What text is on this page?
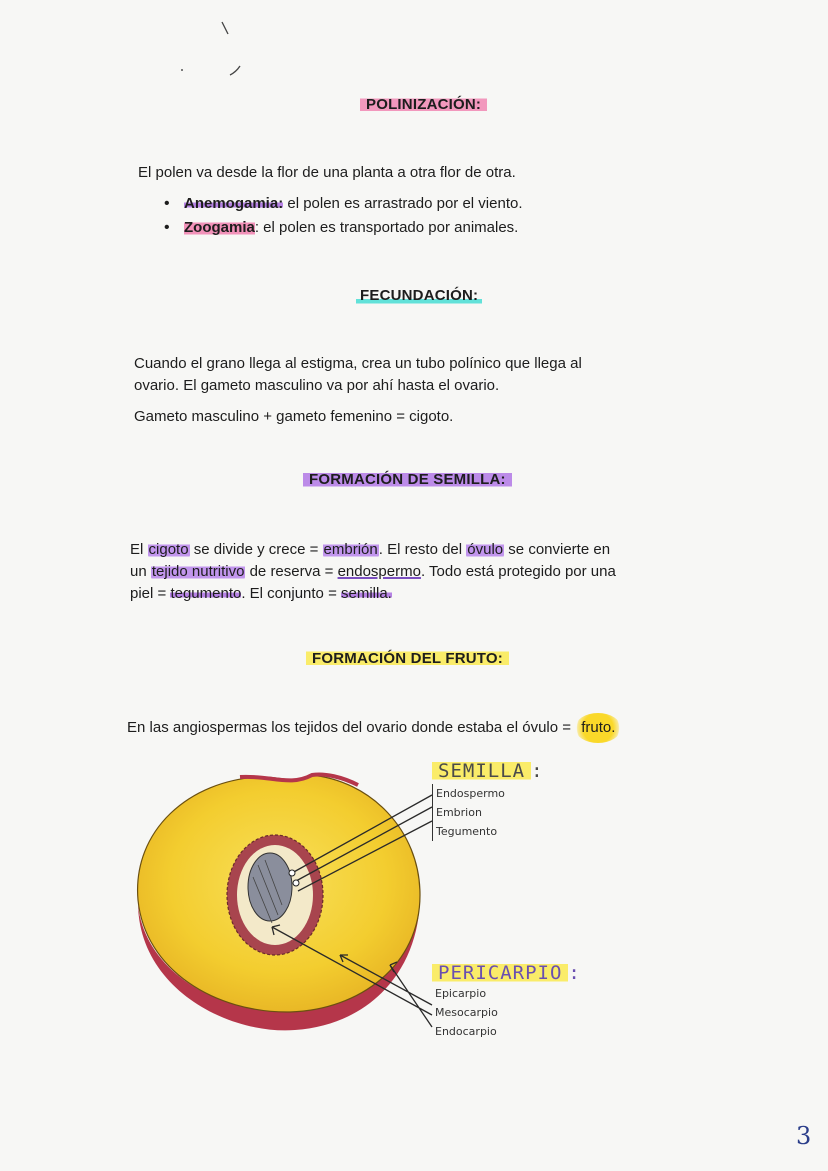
POLINIZACIÓN:
El polen va desde la flor de una planta a otra flor de otra.
• Anemogamia: el polen es arrastrado por el viento.
• Zoogamia: el polen es transportado por animales.
FECUNDACIÓN:
Cuando el grano llega al estigma, crea un tubo polínico que llega al
ovario. El gameto masculino va por ahí hasta el ovario.
Gameto masculino + gameto femenino = cigoto.
FORMACIÓN DE SEMILLA:
El cigoto se divide y crece = embrión. El resto del óvulo se convierte en
un tejido nutritivo de reserva = endospermo. Todo está protegido por una
piel = tegumento. El conjunto = semilla.
FORMACIÓN DEL FRUTO:
En las angiospermas los tejidos del ovario donde estaba el óvulo = fruto.
SEMILLA :
Endospermo
Embrion
Tegumento
PERICARPIO :
Epicarpio
Mesocarpio
Endocarpio
3
